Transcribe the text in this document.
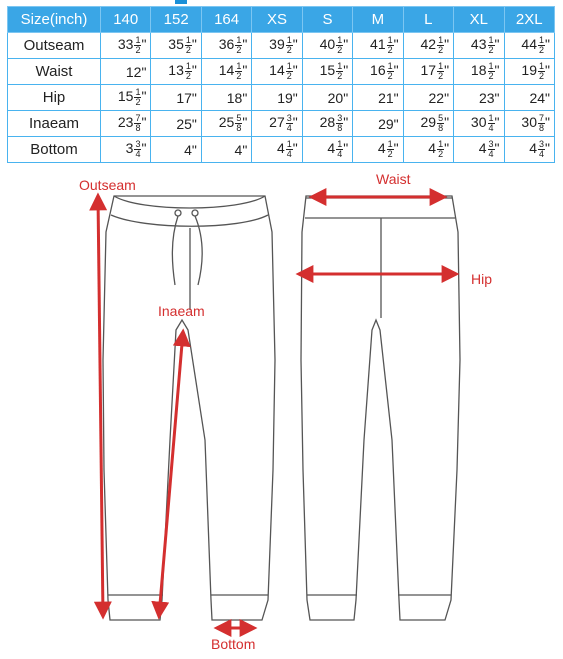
Size(inch)	140	152	164	XS	S	M	L	XL	2XL
Outseam	$33 \frac{1}{2}$ "	$35 \frac{1}{2}$ "	$36 \frac{1}{2}$ "	$39 \frac{1}{2}$ "	$40 \frac{1}{2}$ "	$41 \frac{1}{2}$ "	$42 \frac{1}{2}$ "	$43 \frac{1}{2}$ "	$44 \frac{1}{2}$ "
Waist	12"	$13 \frac{1}{2}$ "	$14 \frac{1}{2}$ "	$14 \frac{1}{2}$ "	$15 \frac{1}{2}$ "	$16 \frac{1}{2}$ "	$17 \frac{1}{2}$ "	$18 \frac{1}{2}$ "	$19 \frac{1}{2}$ "
Hip	$15 \frac{1}{2}$ "	17"	18"	19"	20"	21"	22"	23"	24"
Inaeam	$23 \frac{7}{8}$ "	25"	$25 \frac{5}{8}$ "	$27 \frac{3}{4}$ "	$28 \frac{3}{8}$ "	29"	$29 \frac{5}{8}$ "	$30 \frac{1}{4}$ "	$30 \frac{7}{8}$ "
Bottom	$3 \frac{3}{4}$ "	4"	4"	$4 \frac{1}{4}$ "	$4 \frac{1}{4}$ "	$4 \frac{1}{2}$ "	$4 \frac{1}{2}$ "	$4 \frac{3}{4}$ "	$4 \frac{3}{4}$ "
Outseam
Inaeam
Bottom
Waist
Hip
